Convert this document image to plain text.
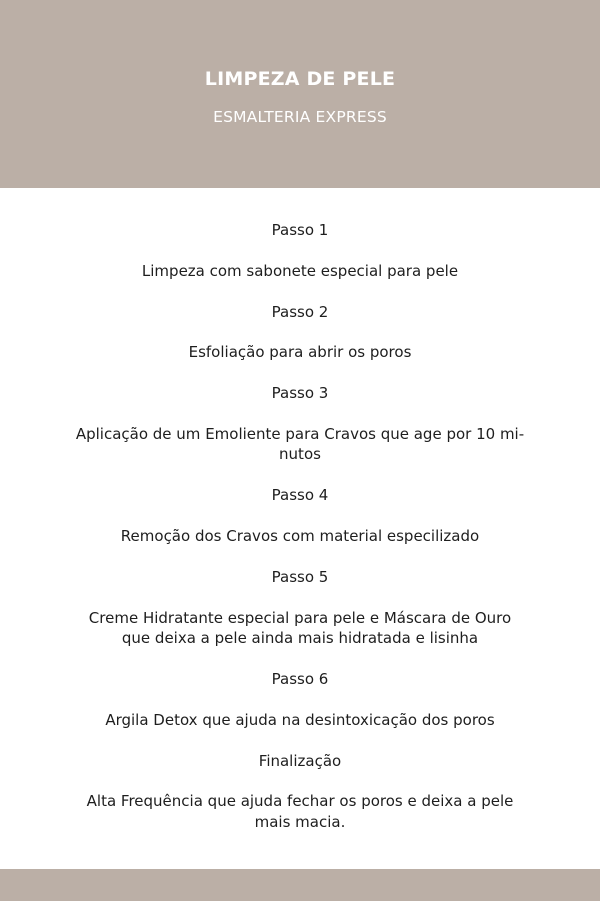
LIMPEZA DE PELE
ESMALTERIA EXPRESS

Passo 1

Limpeza com sabonete especial para pele

Passo 2

Esfoliação para abrir os poros

Passo 3

Aplicação de um Emoliente para Cravos que age por 10 mi-
nutos

Passo 4

Remoção dos Cravos com material especilizado

Passo 5

Creme Hidratante especial para pele e Máscara de Ouro
que deixa a pele ainda mais hidratada e lisinha

Passo 6

Argila Detox que ajuda na desintoxicação dos poros

Finalização

Alta Frequência que ajuda fechar os poros e deixa a pele
mais macia.
